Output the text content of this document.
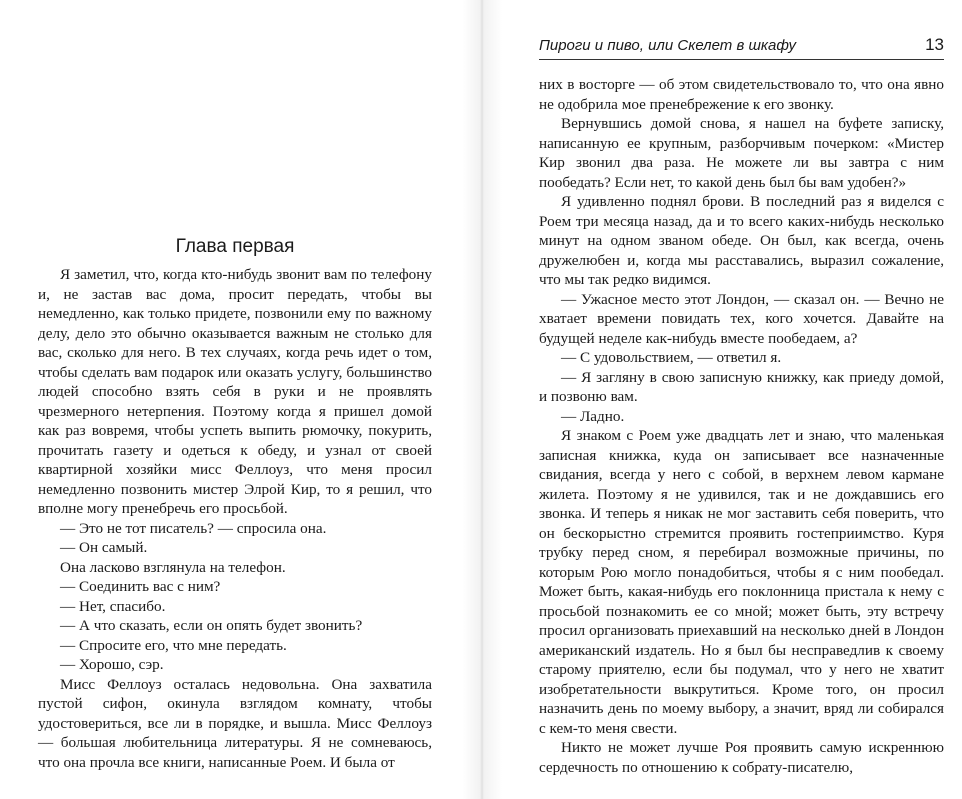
Глава первая

Я заметил, что, когда кто-нибудь звонит вам по телефону и, не застав вас дома, просит передать, чтобы вы немедленно, как только придете, позвонили ему по важному делу, дело это обычно оказывается важным не столько для вас, сколько для него. В тех случаях, когда речь идет о том, чтобы сделать вам подарок или оказать услугу, большинство людей способно взять себя в руки и не проявлять чрезмерного нетерпения. Поэтому когда я пришел домой как раз вовремя, чтобы успеть выпить рюмочку, покурить, прочитать газету и одеться к обеду, и узнал от своей квартирной хозяйки мисс Феллоуз, что меня просил немедленно позвонить мистер Элрой Кир, то я решил, что вполне могу пренебречь его просьбой.

— Это не тот писатель? — спросила она.

— Он самый.

Она ласково взглянула на телефон.

— Соединить вас с ним?

— Нет, спасибо.

— А что сказать, если он опять будет звонить?

— Спросите его, что мне передать.

— Хорошо, сэр.

Мисс Феллоуз осталась недовольна. Она захватила пустой сифон, окинула взглядом комнату, чтобы удостовериться, все ли в порядке, и вышла. Мисс Феллоуз — большая любительница литературы. Я не сомневаюсь, что она прочла все книги, написанные Роем. И была от

Пироги и пиво, или Скелет в шкафу	13

них в восторге — об этом свидетельствовало то, что она явно не одобрила мое пренебрежение к его звонку.

Вернувшись домой снова, я нашел на буфете записку, написанную ее крупным, разборчивым почерком: «Мистер Кир звонил два раза. Не можете ли вы завтра с ним пообедать? Если нет, то какой день был бы вам удобен?»

Я удивленно поднял брови. В последний раз я виделся с Роем три месяца назад, да и то всего каких-нибудь несколько минут на одном званом обеде. Он был, как всегда, очень дружелюбен и, когда мы расставались, выразил сожаление, что мы так редко видимся.

— Ужасное место этот Лондон, — сказал он. — Вечно не хватает времени повидать тех, кого хочется. Давайте на будущей неделе как-нибудь вместе пообедаем, а?

— С удовольствием, — ответил я.

— Я загляну в свою записную книжку, как приеду домой, и позвоню вам.

— Ладно.

Я знаком с Роем уже двадцать лет и знаю, что маленькая записная книжка, куда он записывает все назначенные свидания, всегда у него с собой, в верхнем левом кармане жилета. Поэтому я не удивился, так и не дождавшись его звонка. И теперь я никак не мог заставить себя поверить, что он бескорыстно стремится проявить гостеприимство. Куря трубку перед сном, я перебирал возможные причины, по которым Рою могло понадобиться, чтобы я с ним пообедал. Может быть, какая-нибудь его поклонница пристала к нему с просьбой познакомить ее со мной; может быть, эту встречу просил организовать приехавший на несколько дней в Лондон американский издатель. Но я был бы несправедлив к своему старому приятелю, если бы подумал, что у него не хватит изобретательности выкрутиться. Кроме того, он просил назначить день по моему выбору, а значит, вряд ли собирался с кем-то меня свести.

Никто не может лучше Роя проявить самую искреннюю сердечность по отношению к собрату-писателю,
